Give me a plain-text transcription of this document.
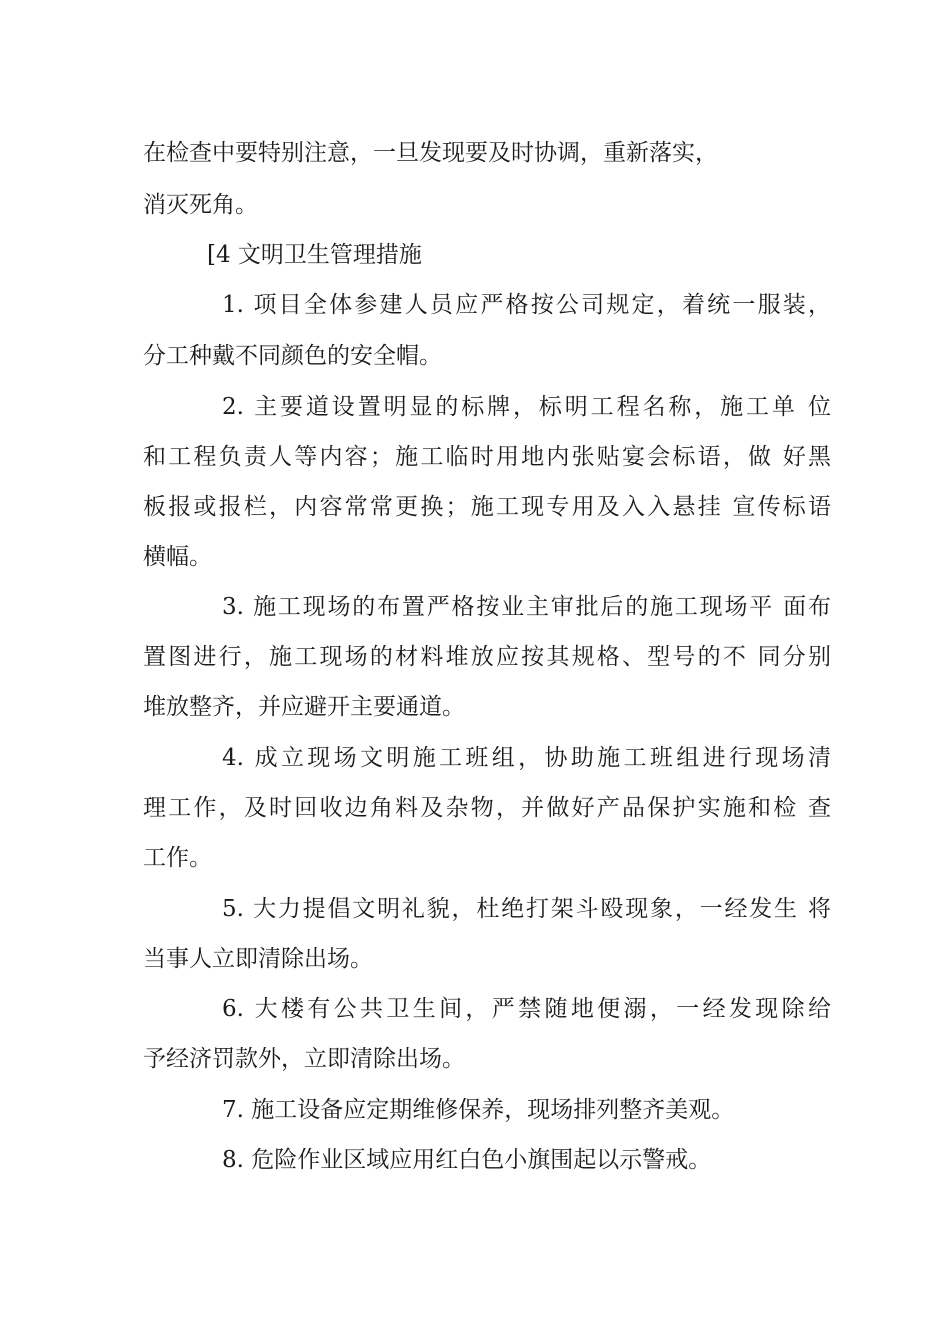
在检查中要特别注意，一旦发现要及时协调，重新落实，
消灭死角。
[4 文明卫生管理措施
1. 项目全体参建人员应严格按公司规定，着统一服装，
分工种戴不同颜色的安全帽。
2. 主要道设置明显的标牌，标明工程名称，施工单 位
和工程负责人等内容；施工临时用地内张贴宴会标语，做 好黑
板报或报栏，内容常常更换；施工现专用及入入悬挂 宣传标语
横幅。
3. 施工现场的布置严格按业主审批后的施工现场平 面布
置图进行，施工现场的材料堆放应按其规格、型号的不 同分别
堆放整齐，并应避开主要通道。
4. 成立现场文明施工班组，协助施工班组进行现场清
理工作，及时回收边角料及杂物，并做好产品保护实施和检 查
工作。
5. 大力提倡文明礼貌，杜绝打架斗殴现象，一经发生 将
当事人立即清除出场。
6. 大楼有公共卫生间，严禁随地便溺，一经发现除给
予经济罚款外，立即清除出场。
7. 施工设备应定期维修保养，现场排列整齐美观。
8. 危险作业区域应用红白色小旗围起以示警戒。
